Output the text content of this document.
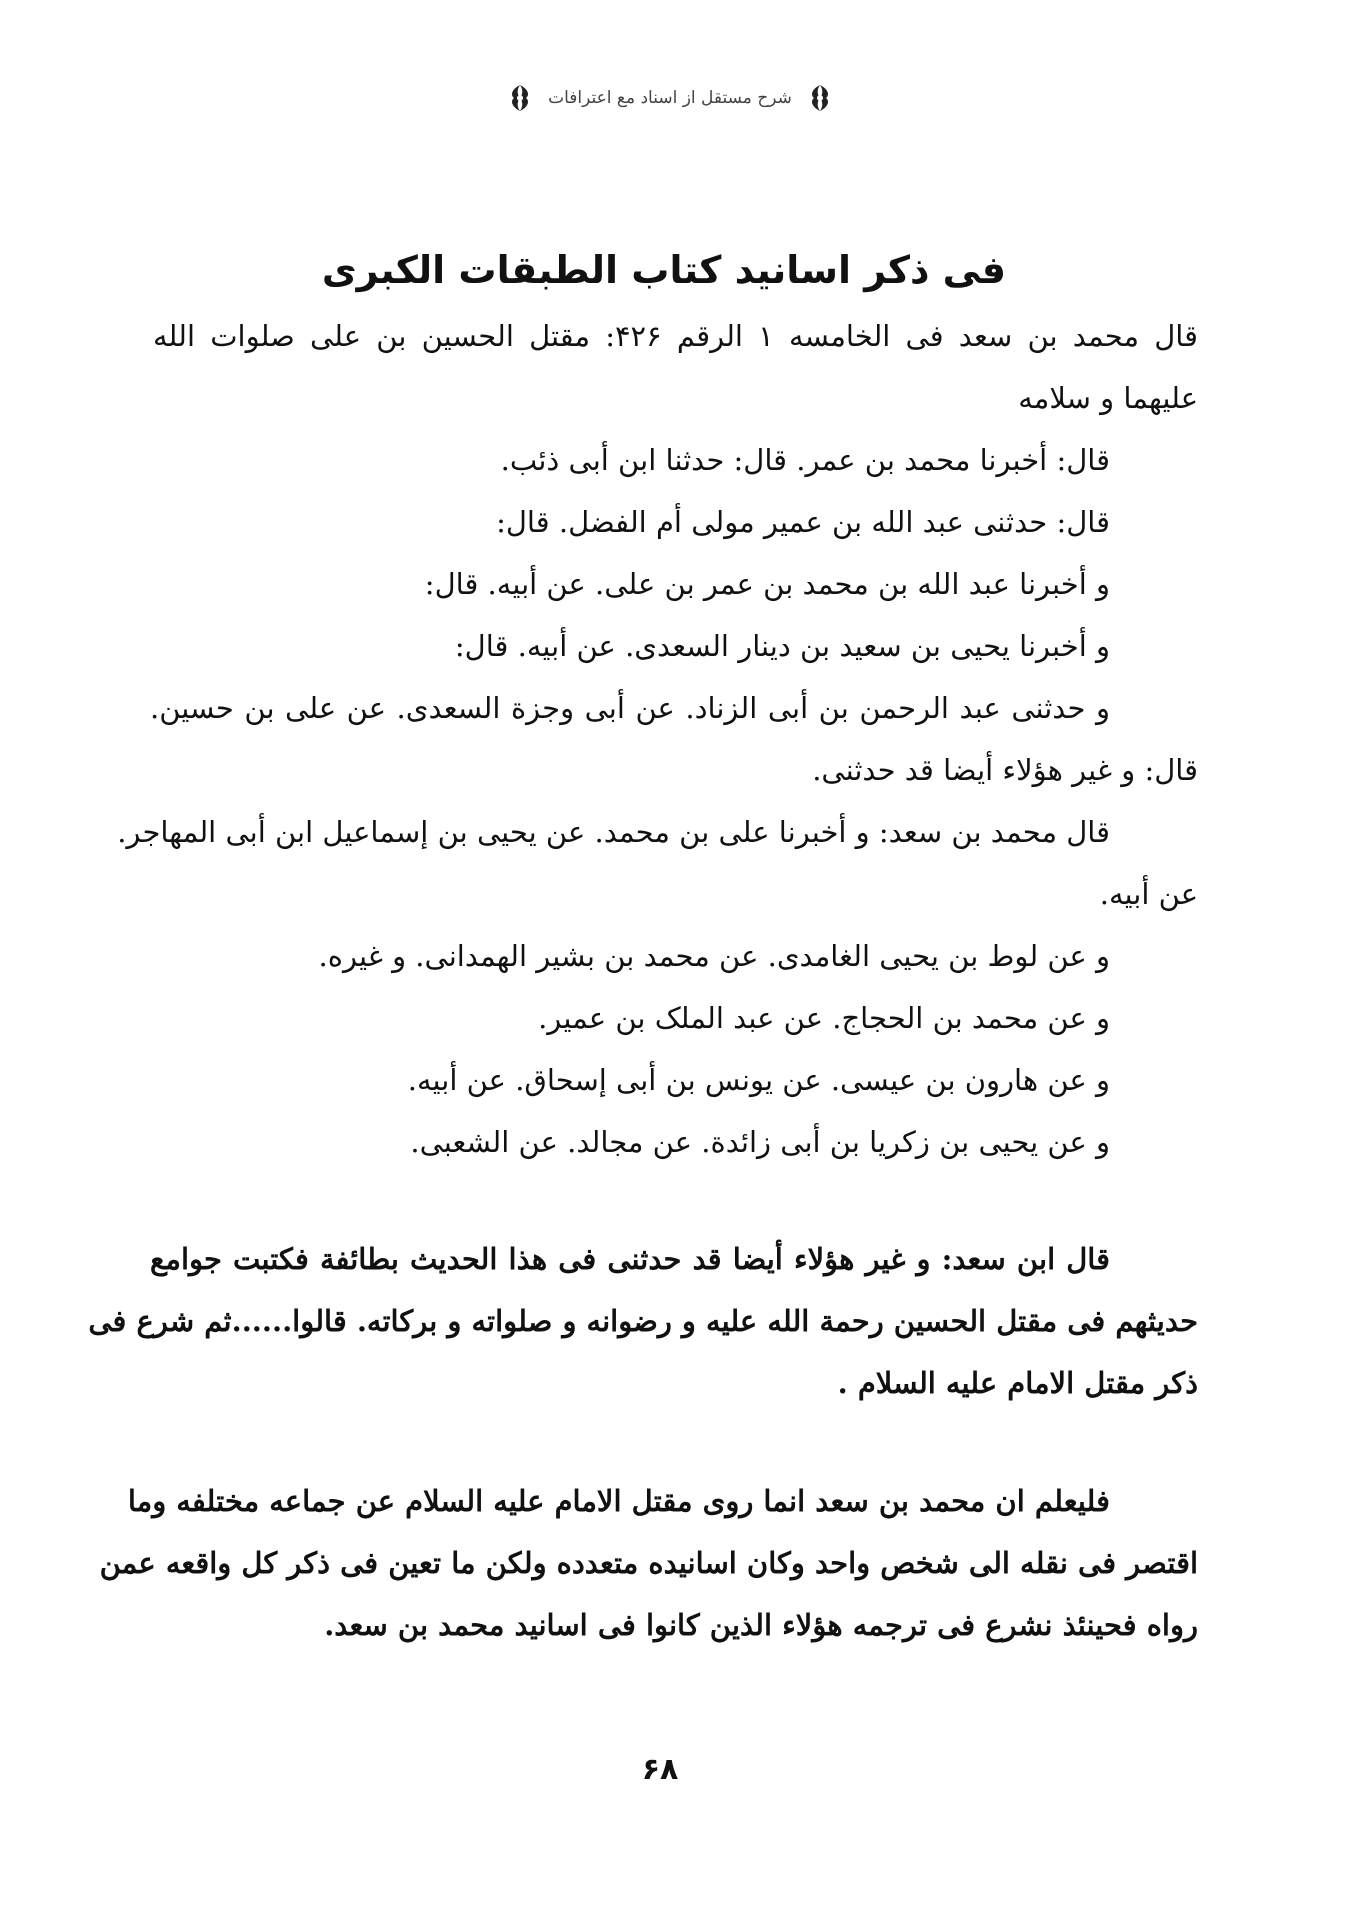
شرح مستقل از اسناد مع اعترافات
فی ذکر اسانید کتاب الطبقات الکبری
قال محمد بن سعد فی الخامسه ۱ الرقم ۴۲۶: مقتل الحسین بن علی صلوات الله
علیهما و سلامه
قال: أخبرنا محمد بن عمر. قال: حدثنا ابن أبی ذئب.
قال: حدثنی عبد الله بن عمیر مولی أم الفضل. قال:
و أخبرنا عبد الله بن محمد بن عمر بن علی. عن أبیه. قال:
و أخبرنا یحیی بن سعید بن دینار السعدی. عن أبیه. قال:
و حدثنی عبد الرحمن بن أبی الزناد. عن أبی وجزة السعدی. عن علی بن حسین.
قال: و غیر هؤلاء أیضا قد حدثنی.
قال محمد بن سعد: و أخبرنا علی بن محمد. عن یحیی بن إسماعیل ابن أبی المهاجر.
عن أبیه.
و عن لوط بن یحیی الغامدی. عن محمد بن بشیر الهمدانی. و غیره.
و عن محمد بن الحجاج. عن عبد الملک بن عمیر.
و عن هارون بن عیسی. عن یونس بن أبی إسحاق. عن أبیه.
و عن یحیی بن زکریا بن أبی زائدة. عن مجالد. عن الشعبی.
قال ابن سعد: و غیر هؤلاء أیضا قد حدثنی فی هذا الحدیث بطائفة فکتبت جوامع
حدیثهم فی مقتل الحسین رحمة الله علیه و رضوانه و صلواته و برکاته. قالوا......ثم شرع فی
ذکر مقتل الامام علیه السلام .
فلیعلم ان محمد بن سعد انما روی مقتل الامام علیه السلام عن جماعه مختلفه وما
اقتصر فی نقله الی شخص واحد وکان اسانیده متعدده ولکن ما تعین فی ذکر کل واقعه عمن
رواه فحینئذ نشرع فی ترجمه هؤلاء الذین کانوا فی اسانید محمد بن سعد.
۶۸
